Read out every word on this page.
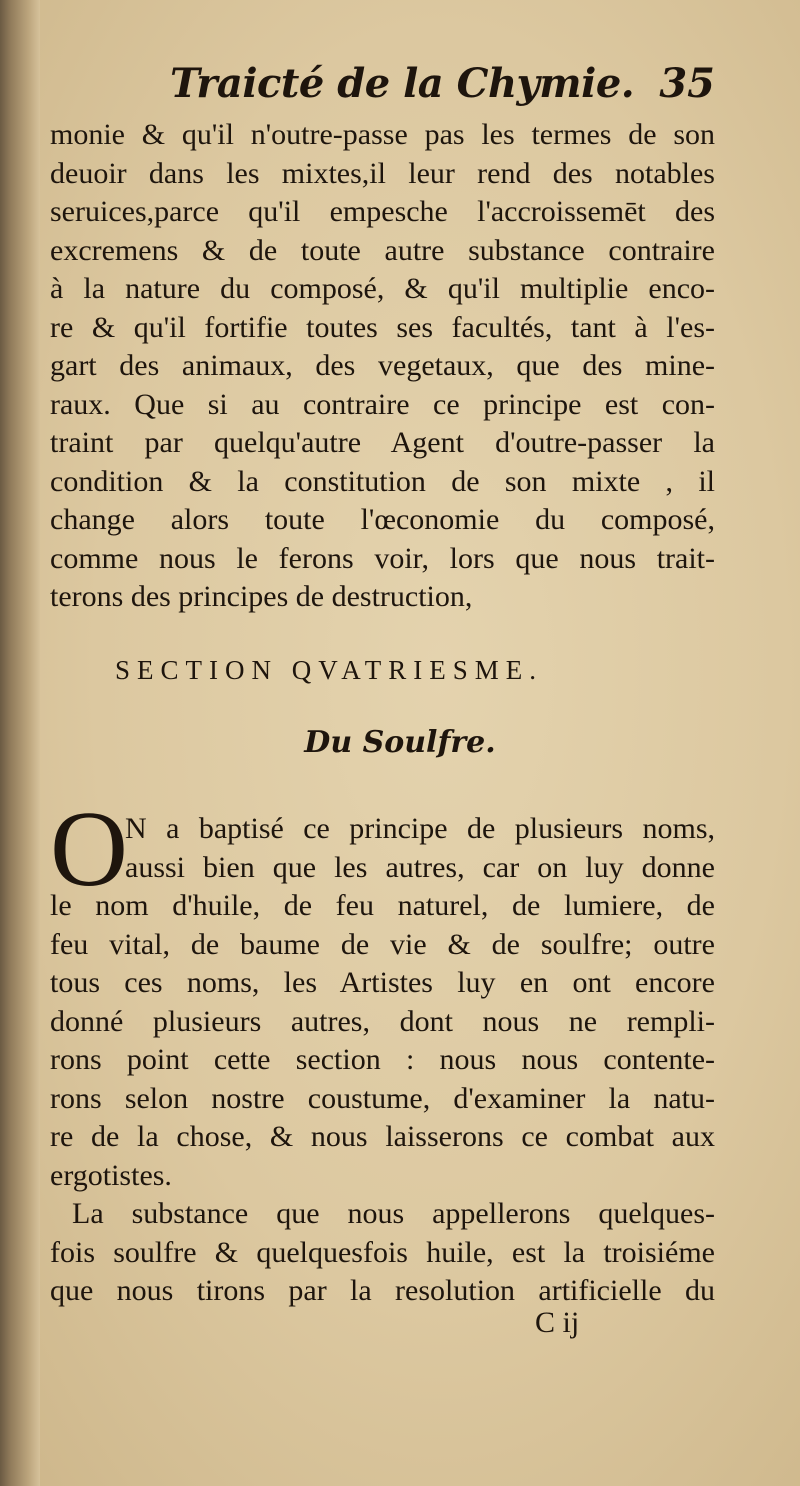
Traicté de la Chymie. 35
monie & qu'il n'outre-passe pas les termes de son
deuoir dans les mixtes,il leur rend des notables
seruices,parce qu'il empesche l'accroissemēt des
excremens & de toute autre substance contraire
à la nature du composé, & qu'il multiplie enco-
re & qu'il fortifie toutes ses facultés, tant à l'es-
gart des animaux, des vegetaux, que des mine-
raux. Que si au contraire ce principe est con-
traint par quelqu'autre Agent d'outre-passer la
condition & la constitution de son mixte , il
change alors toute l'œconomie du composé,
comme nous le ferons voir, lors que nous trait-
terons des principes de destruction,
SECTION QVATRIESME.
Du Soulfre.
O
N a baptisé ce principe de plusieurs noms,
aussi bien que les autres, car on luy donne
le nom d'huile, de feu naturel, de lumiere, de
feu vital, de baume de vie & de soulfre; outre
tous ces noms, les Artistes luy en ont encore
donné plusieurs autres, dont nous ne rempli-
rons point cette section : nous nous contente-
rons selon nostre coustume, d'examiner la natu-
re de la chose, & nous laisserons ce combat aux
ergotistes.
La substance que nous appellerons quelques-
fois soulfre & quelquesfois huile, est la troisiéme
que nous tirons par la resolution artificielle du
C ij
